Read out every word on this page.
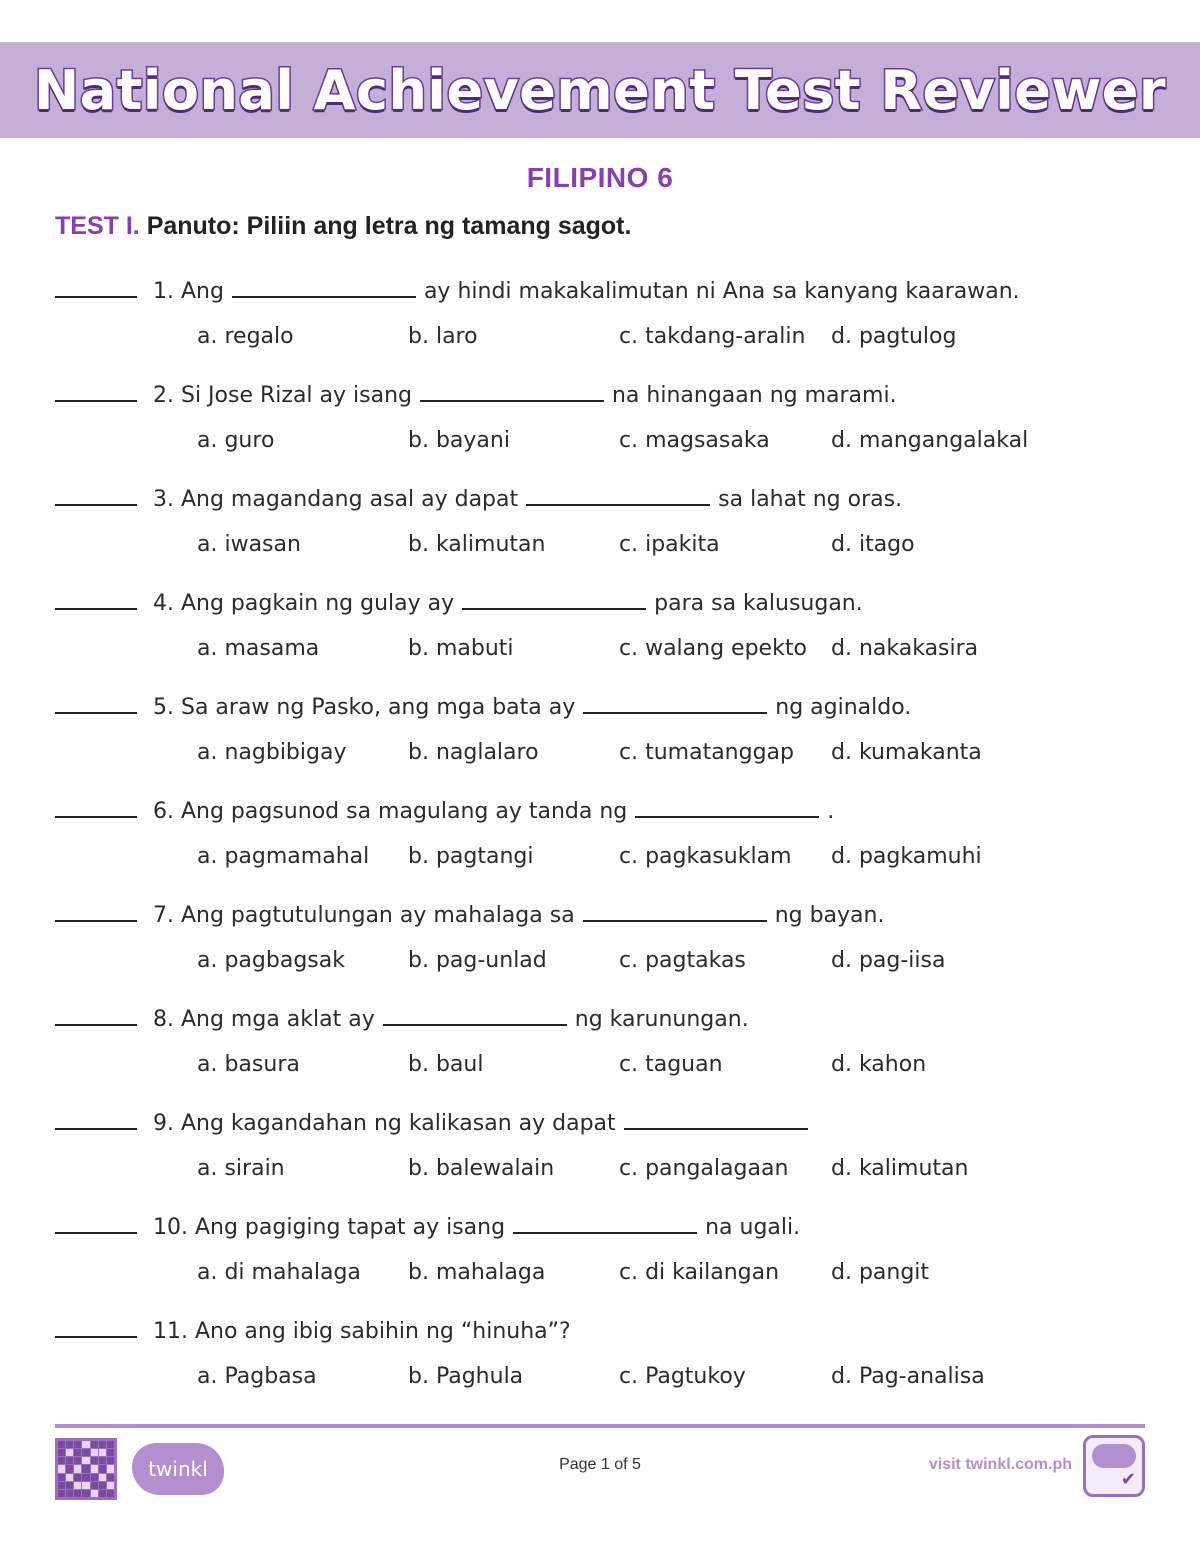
National Achievement Test Reviewer
FILIPINO 6
TEST I. Panuto: Piliin ang letra ng tamang sagot.
1. Ang	ay hindi makakalimutan ni Ana sa kanyang kaarawan.
a. regalo	b. laro	c. takdang-aralin d. pagtulog
2. Si Jose Rizal ay isang	na hinangaan ng marami.
a. guro	b. bayani	c. magsasaka	d. mangangalakal
3. Ang magandang asal ay dapat	sa lahat ng oras.
a. iwasan	b. kalimutan	c. ipakita	d. itago
4. Ang pagkain ng gulay ay	para sa kalusugan.
a. masama	b. mabuti	c. walang epekto d. nakakasira
5. Sa araw ng Pasko, ang mga bata ay	ng aginaldo.
a. nagbibigay	b. naglalaro	c. tumatanggap d. kumakanta
6. Ang pagsunod sa magulang ay tanda ng	.
a. pagmamahal b. pagtangi	c. pagkasuklam d. pagkamuhi
7. Ang pagtutulungan ay mahalaga sa	ng bayan.
a. pagbagsak	b. pag-unlad	c. pagtakas	d. pag-iisa
8. Ang mga aklat ay	ng karunungan.
a. basura	b. baul	c. taguan	d. kahon
9. Ang kagandahan ng kalikasan ay dapat
a. sirain	b. balewalain	c. pangalagaan d. kalimutan
10. Ang pagiging tapat ay isang	na ugali.
a. di mahalaga b. mahalaga	c. di kailangan d. pangit
11. Ano ang ibig sabihin ng “hinuha”?
a. Pagbasa	b. Paghula	c. Pagtukoy	d. Pag-analisa
twinkl	Page 1 of 5	visit twinkl.com.ph
✔
